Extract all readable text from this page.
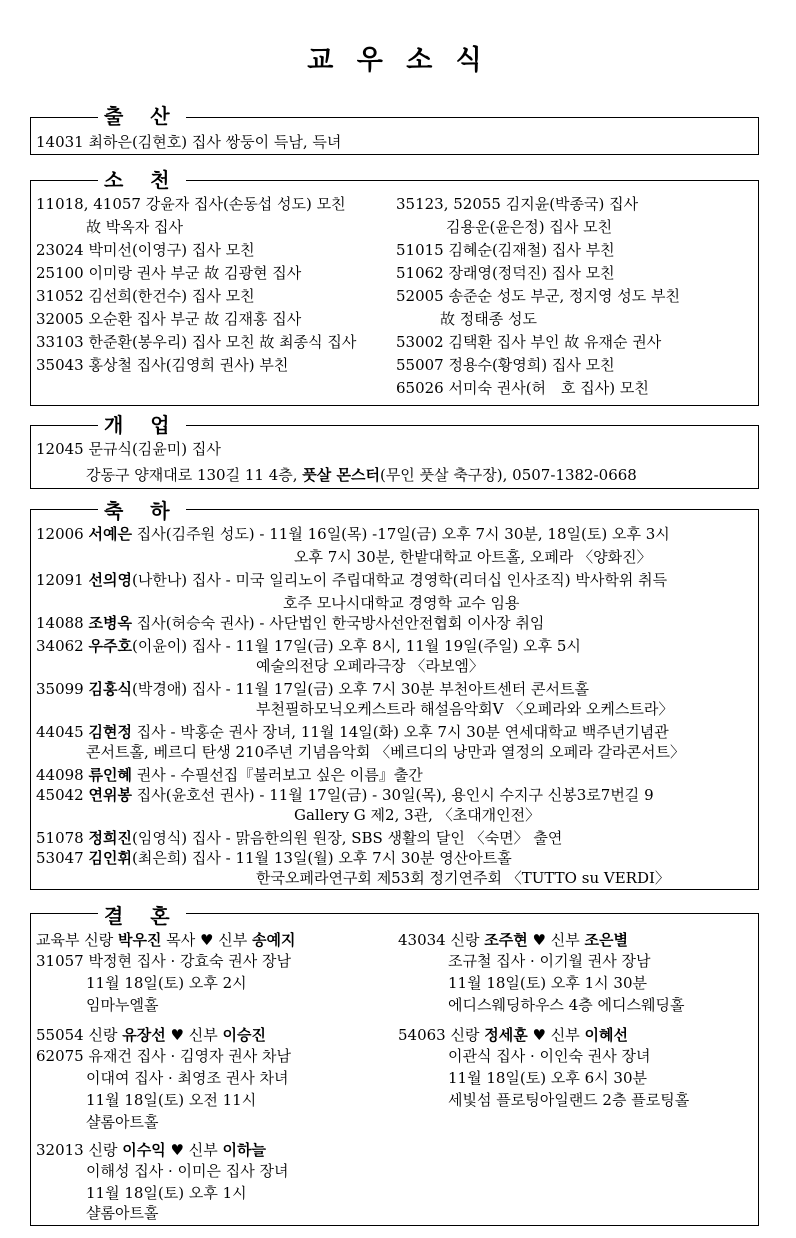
교 우 소 식
출 산
14031 최하은(김현호) 집사 쌍둥이 득남, 득녀
소 천
11018, 41057 강윤자 집사(손동섭 성도) 모친
故 박옥자 집사
23024 박미선(이영구) 집사 모친
25100 이미랑 권사 부군 故 김광현 집사
31052 김선희(한건수) 집사 모친
32005 오순환 집사 부군 故 김재홍 집사
33103 한준환(봉우리) 집사 모친 故 최종식 집사
35043 홍상철 집사(김영희 권사) 부친
35123, 52055 김지윤(박종국) 집사
김용운(윤은정) 집사 모친
51015 김혜순(김재철) 집사 부친
51062 장래영(정덕진) 집사 모친
52005 송준순 성도 부군, 정지영 성도 부친
故 정태종 성도
53002 김택환 집사 부인 故 유재순 권사
55007 정용수(황영희) 집사 모친
65026 서미숙 권사(허　호 집사) 모친
개 업
12045 문규식(김윤미) 집사
강동구 양재대로 130길 11 4층, 풋살 몬스터(무인 풋살 축구장), 0507-1382-0668
축 하
12006 서예은 집사(김주원 성도) - 11월 16일(목) -17일(금) 오후 7시 30분, 18일(토) 오후 3시
오후 7시 30분, 한밭대학교 아트홀, 오페라 〈양화진〉
12091 선의영(나한나) 집사 - 미국 일리노이 주립대학교 경영학(리더십 인사조직) 박사학위 취득
호주 모나시대학교 경영학 교수 임용
14088 조병옥 집사(허승숙 권사) - 사단법인 한국방사선안전협회 이사장 취임
34062 우주호(이윤이) 집사 - 11월 17일(금) 오후 8시, 11월 19일(주일) 오후 5시
예술의전당 오페라극장 〈라보엠〉
35099 김홍식(박경애) 집사 - 11월 17일(금) 오후 7시 30분 부천아트센터 콘서트홀
부천필하모닉오케스트라 해설음악회Ⅴ 〈오페라와 오케스트라〉
44045 김현정 집사 - 박홍순 권사 장녀, 11월 14일(화) 오후 7시 30분 연세대학교 백주년기념관
콘서트홀, 베르디 탄생 210주년 기념음악회 〈베르디의 낭만과 열정의 오페라 갈라콘서트〉
44098 류인혜 권사 - 수필선집『불러보고 싶은 이름』출간
45042 연위봉 집사(윤호선 권사) - 11월 17일(금) - 30일(목), 용인시 수지구 신봉3로7번길 9
Gallery G 제2, 3관, 〈초대개인전〉
51078 정희진(임영식) 집사 - 맑음한의원 원장, SBS 생활의 달인 〈숙면〉 출연
53047 김인휘(최은희) 집사 - 11월 13일(월) 오후 7시 30분 영산아트홀
한국오페라연구회 제53회 정기연주회 〈TUTTO su VERDI〉
결 혼
교육부 신랑 박우진 목사 ♥ 신부 송예지
31057 박정현 집사 · 강효숙 권사 장남
11월 18일(토) 오후 2시
임마누엘홀
43034 신랑 조주현 ♥ 신부 조은별
조규철 집사 · 이기월 권사 장남
11월 18일(토) 오후 1시 30분
에디스웨딩하우스 4층 에디스웨딩홀
55054 신랑 유장선 ♥ 신부 이승진
62075 유재건 집사 · 김영자 권사 차남
이대여 집사 · 최영조 권사 차녀
11월 18일(토) 오전 11시
샬롬아트홀
54063 신랑 정세훈 ♥ 신부 이혜선
이관식 집사 · 이인숙 권사 장녀
11월 18일(토) 오후 6시 30분
세빛섬 플로팅아일랜드 2층 플로팅홀
32013 신랑 이수익 ♥ 신부 이하늘
이해성 집사 · 이미은 집사 장녀
11월 18일(토) 오후 1시
샬롬아트홀
